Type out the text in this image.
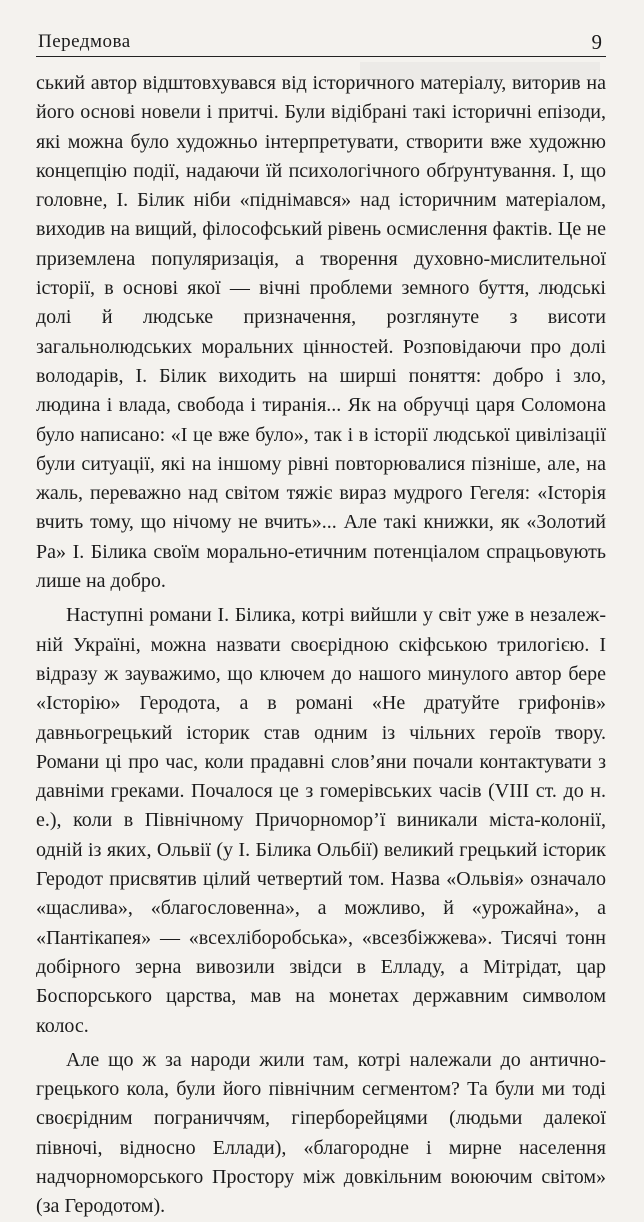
Передмова	9

ський автор відштовхувався від історичного матеріалу, виторив на його основі новели і притчі. Були відібрані такі історичні епізоди, які можна було художньо інтерпретувати, створити вже художню концепцію події, надаючи їй психологічного обґрунтування. І, що головне, І. Білик ніби «піднімався» над історичним матеріалом, виходив на вищий, філософський рівень осмислення фактів. Це не приземлена популяризація, а творення духовно-мислительної історії, в основі якої — вічні проблеми земного буття, людські долі й людське призначення, розглянуте з висоти загальнолюдських моральних цінностей. Розповідаючи про долі володарів, І. Білик виходить на ширші поняття: добро і зло, людина і влада, свобода і тиранія... Як на обручці царя Соломона було написано: «І це вже було», так і в історії людської цивілізації були ситуації, які на іншому рівні повторювалися пізніше, але, на жаль, переважно над світом тяжіє вираз мудрого Гегеля: «Історія вчить тому, що нічому не вчить»... Але такі книжки, як «Золотий Ра» І. Білика своїм морально-етичним потенціалом спрацьовують лише на добро.

Наступні романи І. Білика, котрі вийшли у світ уже в незалежній Україні, можна назвати своєрідною скіфською трилогією. І відразу ж зауважимо, що ключем до нашого минулого автор бере «Історію» Геродота, а в романі «Не дратуйте грифонів» давньогрецький історик став одним із чільних героїв твору. Романи ці про час, коли прадавні слов’яни почали контактувати з давніми греками. Почалося це з гомерівських часів (VIII ст. до н. е.), коли в Північному Причорномор’ї виникали міста-колонії, одній із яких, Ольвії (у І. Білика Ольбії) великий грецький історик Геродот присвятив цілий четвертий том. Назва «Ольвія» означало «щаслива», «благословенна», а можливо, й «урожайна», а «Пантікапея» — «всехліборобська», «всезбіжжева». Тисячі тонн добірного зерна вивозили звідси в Елладу, а Мітрідат, цар Боспорського царства, мав на монетах державним символом колос.

Але що ж за народи жили там, котрі належали до антично-грецького кола, були його північним сегментом? Та були ми тоді своєрідним пограниччям, гіперборейцями (людьми далекої півночі, відносно Еллади), «благородне і мирне населення надчорноморського Простору між довкільним воюючим світом» (за Геродотом).
